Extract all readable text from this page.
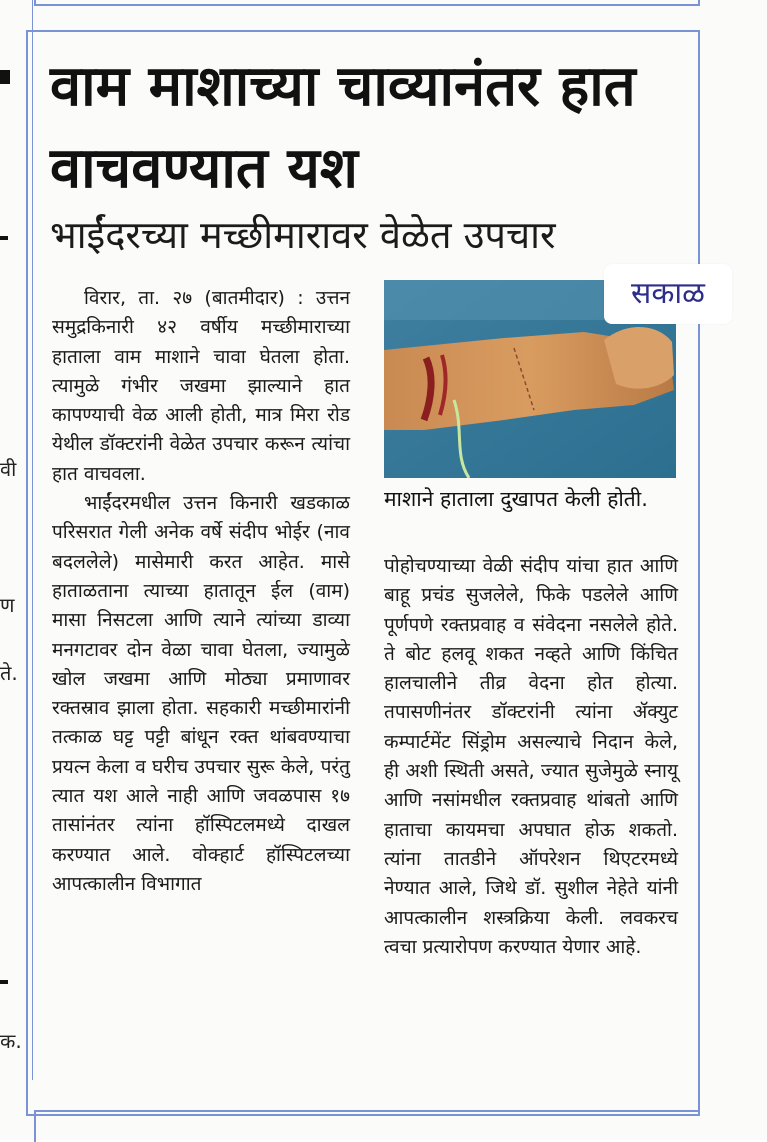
वी
ण
ते.
क.
वाम माशाच्या चाव्यानंतर हात वाचवण्यात यश
भाईंदरच्या मच्छीमारावर वेळेत उपचार
सकाळ
माशाने हाताला दुखापत केली होती.

विरार, ता. २७ (बातमीदार) : उत्तन समुद्रकिनारी ४२ वर्षीय मच्छीमाराच्या हाताला वाम माशाने चावा घेतला होता. त्यामुळे गंभीर जखमा झाल्याने हात कापण्याची वेळ आली होती, मात्र मिरा रोड येथील डॉक्टरांनी वेळेत उपचार करून त्यांचा हात वाचवला.

भाईंदरमधील उत्तन किनारी खडकाळ परिसरात गेली अनेक वर्षे संदीप भोईर (नाव बदललेले) मासेमारी करत आहेत. मासे हाताळताना त्याच्या हातातून ईल (वाम) मासा निसटला आणि त्याने त्यांच्या डाव्या मनगटावर दोन वेळा चावा घेतला, ज्यामुळे खोल जखमा आणि मोठ्या प्रमाणावर रक्तस्राव झाला होता. सहकारी मच्छीमारांनी तत्काळ घट्ट पट्टी बांधून रक्त थांबवण्याचा प्रयत्न केला व घरीच उपचार सुरू केले, परंतु त्यात यश आले नाही आणि जवळपास १७ तासांनंतर त्यांना हॉस्पिटलमध्ये दाखल करण्यात आले. वोक्हार्ट हॉस्पिटलच्या आपत्कालीन विभागात

पोहोचण्याच्या वेळी संदीप यांचा हात आणि बाहू प्रचंड सुजलेले, फिके पडलेले आणि पूर्णपणे रक्तप्रवाह व संवेदना नसलेले होते. ते बोट हलवू शकत नव्हते आणि किंचित हालचालीने तीव्र वेदना होत होत्या. तपासणीनंतर डॉक्टरांनी त्यांना ॲक्युट कम्पार्टमेंट सिंड्रोम असल्याचे निदान केले, ही अशी स्थिती असते, ज्यात सुजेमुळे स्नायू आणि नसांमधील रक्तप्रवाह थांबतो आणि हाताचा कायमचा अपघात होऊ शकतो. त्यांना तातडीने ऑपरेशन थिएटरमध्ये नेण्यात आले, जिथे डॉ. सुशील नेहेते यांनी आपत्कालीन शस्त्रक्रिया केली. लवकरच त्वचा प्रत्यारोपण करण्यात येणार आहे.
